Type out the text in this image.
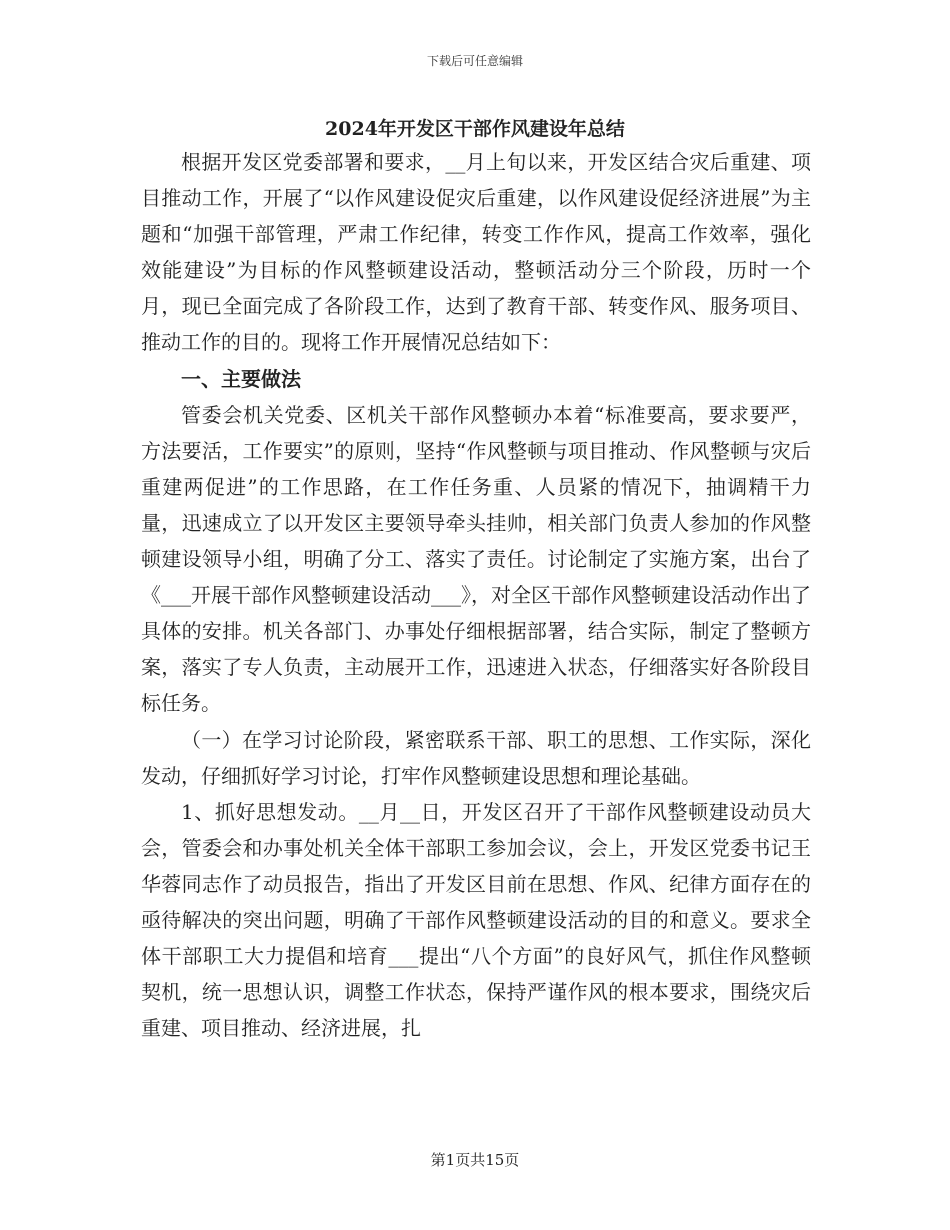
下载后可任意编辑
2024年开发区干部作风建设年总结

根据开发区党委部署和要求，__月上旬以来，开发区结合灾后重建、项目推动工作，开展了“以作风建设促灾后重建，以作风建设促经济进展”为主题和“加强干部管理，严肃工作纪律，转变工作作风，提高工作效率，强化效能建设”为目标的作风整顿建设活动，整顿活动分三个阶段，历时一个月，现已全面完成了各阶段工作，达到了教育干部、转变作风、服务项目、推动工作的目的。现将工作开展情况总结如下：

一、主要做法

管委会机关党委、区机关干部作风整顿办本着“标准要高，要求要严，方法要活，工作要实”的原则，坚持“作风整顿与项目推动、作风整顿与灾后重建两促进”的工作思路，在工作任务重、人员紧的情况下，抽调精干力量，迅速成立了以开发区主要领导牵头挂帅，相关部门负责人参加的作风整顿建设领导小组，明确了分工、落实了责任。讨论制定了实施方案，出台了《___开展干部作风整顿建设活动___》，对全区干部作风整顿建设活动作出了具体的安排。机关各部门、办事处仔细根据部署，结合实际，制定了整顿方案，落实了专人负责，主动展开工作，迅速进入状态，仔细落实好各阶段目标任务。

（一）在学习讨论阶段，紧密联系干部、职工的思想、工作实际，深化发动，仔细抓好学习讨论，打牢作风整顿建设思想和理论基础。

1、抓好思想发动。__月__日，开发区召开了干部作风整顿建设动员大会，管委会和办事处机关全体干部职工参加会议，会上，开发区党委书记王华蓉同志作了动员报告，指出了开发区目前在思想、作风、纪律方面存在的亟待解决的突出问题，明确了干部作风整顿建设活动的目的和意义。要求全体干部职工大力提倡和培育___提出“八个方面”的良好风气，抓住作风整顿契机，统一思想认识，调整工作状态，保持严谨作风的根本要求，围绕灾后重建、项目推动、经济进展，扎

第1页共15页
